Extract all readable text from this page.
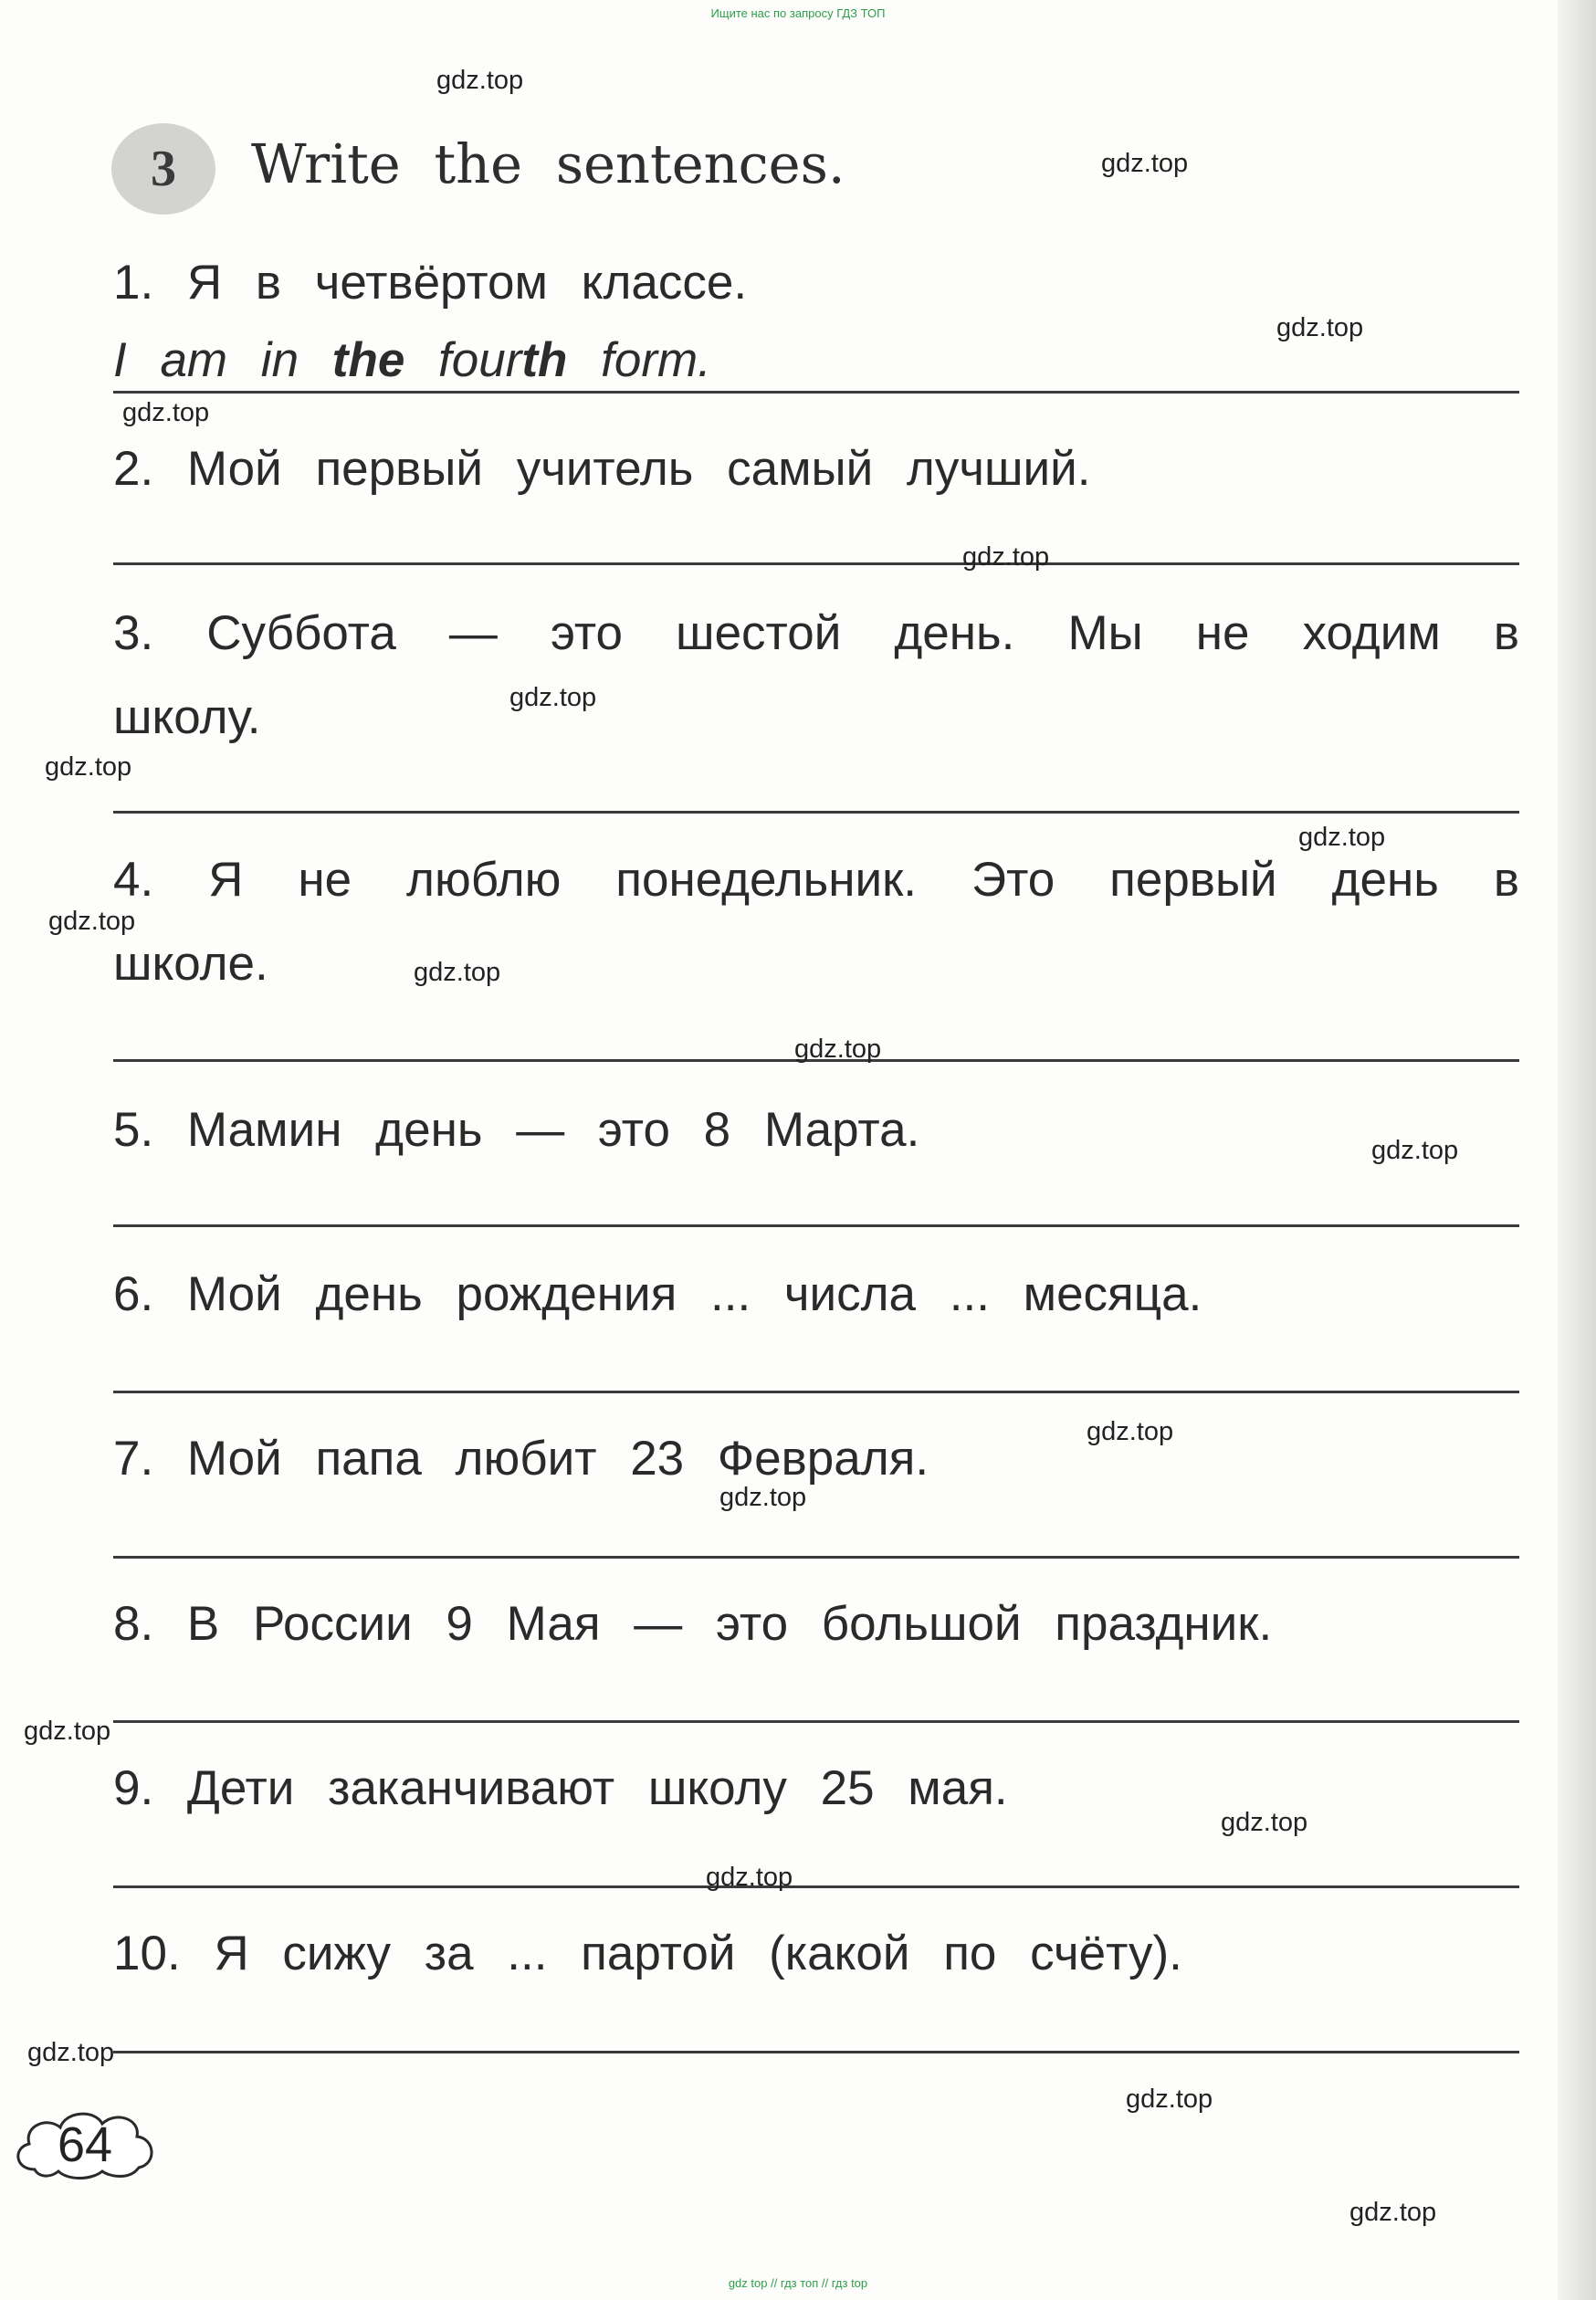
Ищите нас по запросу ГДЗ ТОП
3	Write the sentences.
1. Я в четвёртом классе.
I am in the fourth form.
2. Мой первый учитель самый лучший.
3. Суббота — это шестой день. Мы не ходим в школу.
4. Я не люблю понедельник. Это первый день в школе.
5. Мамин день — это 8 Марта.
6. Мой день рождения ... числа ... месяца.
7. Мой папа любит 23 Февраля.
8. В России 9 Мая — это большой праздник.
9. Дети заканчивают школу 25 мая.
10. Я сижу за ... партой (какой по счёту).
64
gdz.top
gdz.top
gdz.top
gdz.top
gdz.top
gdz.top
gdz.top
gdz.top
gdz.top
gdz.top
gdz.top
gdz.top
gdz.top
gdz.top
gdz.top
gdz.top
gdz.top
gdz.top
gdz.top
gdz.top
gdz top // гдз топ // гдз top
